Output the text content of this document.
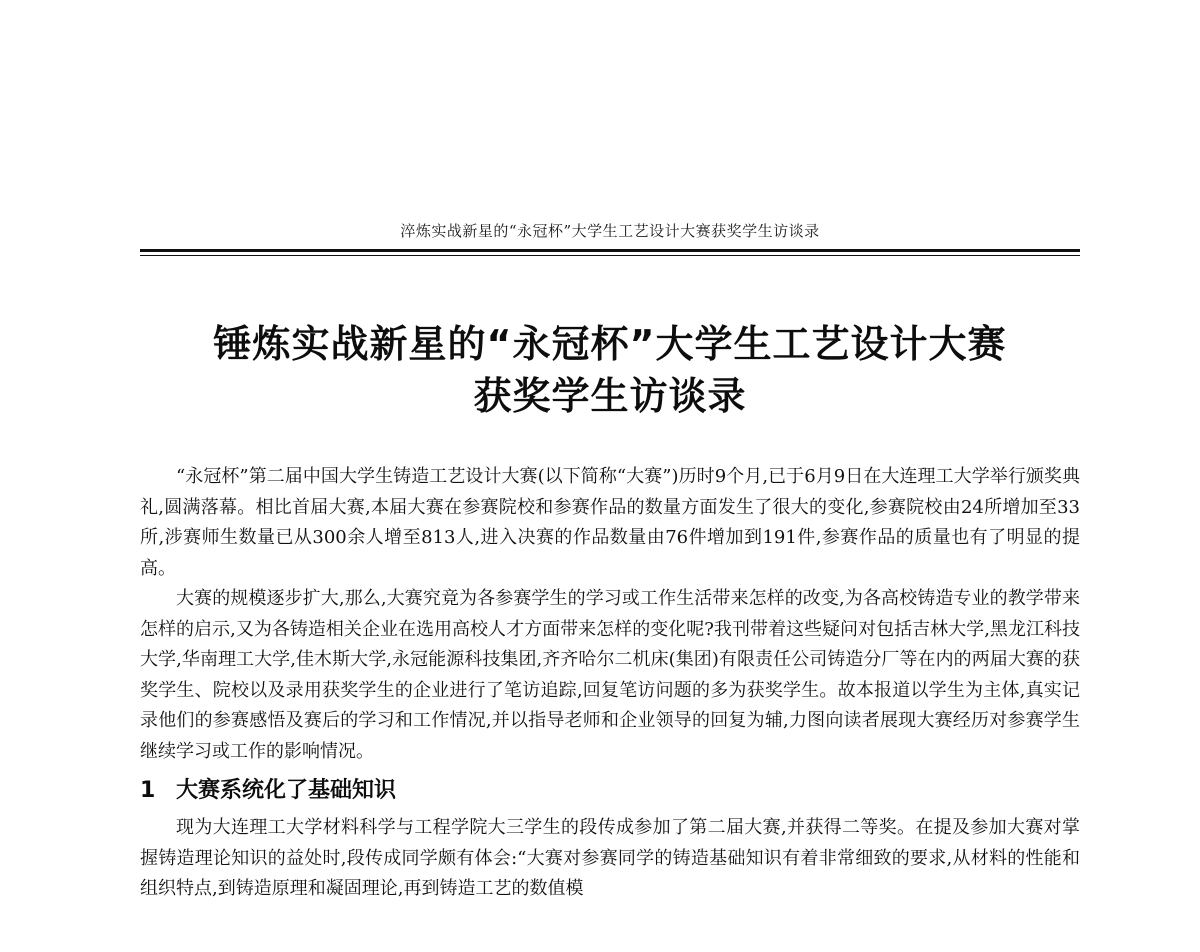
淬炼实战新星的“永冠杯”大学生工艺设计大赛获奖学生访谈录
锤炼实战新星的“永冠杯”大学生工艺设计大赛
获奖学生访谈录

“永冠杯”第二届中国大学生铸造工艺设计大赛(以下简称“大赛”)历时9个月,已于6月9日在大连理工大学举行颁奖典礼,圆满落幕。相比首届大赛,本届大赛在参赛院校和参赛作品的数量方面发生了很大的变化,参赛院校由24所增加至33所,涉赛师生数量已从300余人增至813人,进入决赛的作品数量由76件增加到191件,参赛作品的质量也有了明显的提高。

大赛的规模逐步扩大,那么,大赛究竟为各参赛学生的学习或工作生活带来怎样的改变,为各高校铸造专业的教学带来怎样的启示,又为各铸造相关企业在选用高校人才方面带来怎样的变化呢?我刊带着这些疑问对包括吉林大学,黑龙江科技大学,华南理工大学,佳木斯大学,永冠能源科技集团,齐齐哈尔二机床(集团)有限责任公司铸造分厂等在内的两届大赛的获奖学生、院校以及录用获奖学生的企业进行了笔访追踪,回复笔访问题的多为获奖学生。故本报道以学生为主体,真实记录他们的参赛感悟及赛后的学习和工作情况,并以指导老师和企业领导的回复为辅,力图向读者展现大赛经历对参赛学生继续学习或工作的影响情况。

1 大赛系统化了基础知识

现为大连理工大学材料科学与工程学院大三学生的段传成参加了第二届大赛,并获得二等奖。在提及参加大赛对掌握铸造理论知识的益处时,段传成同学颇有体会:“大赛对参赛同学的铸造基础知识有着非常细致的要求,从材料的性能和组织特点,到铸造原理和凝固理论,再到铸造工艺的数值模
